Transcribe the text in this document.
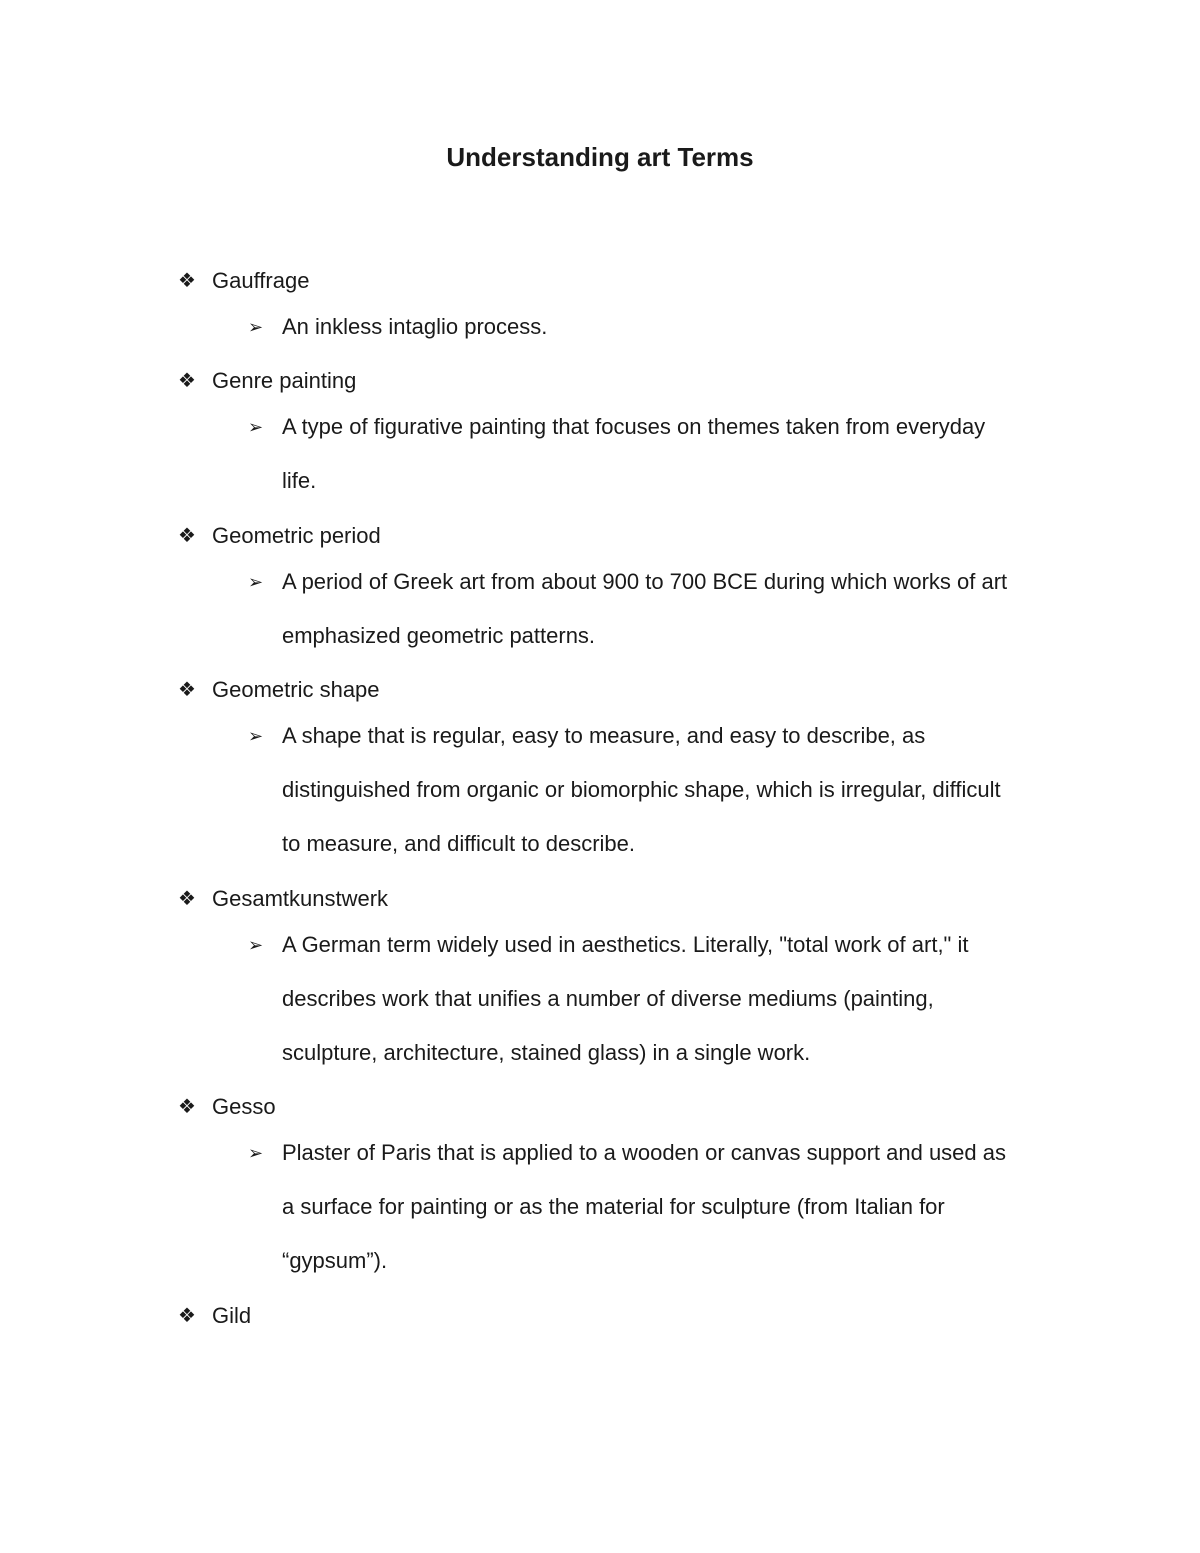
Understanding art Terms
❖ Gauffrage
➢ An inkless intaglio process.
❖ Genre painting
➢ A type of figurative painting that focuses on themes taken from everyday
life.
❖ Geometric period
➢ A period of Greek art from about 900 to 700 BCE during which works of art
emphasized geometric patterns.
❖ Geometric shape
➢ A shape that is regular, easy to measure, and easy to describe, as
distinguished from organic or biomorphic shape, which is irregular, difficult
to measure, and difficult to describe.
❖ Gesamtkunstwerk
➢ A German term widely used in aesthetics. Literally, "total work of art," it
describes work that unifies a number of diverse mediums (painting,
sculpture, architecture, stained glass) in a single work.
❖ Gesso
➢ Plaster of Paris that is applied to a wooden or canvas support and used as
a surface for painting or as the material for sculpture (from Italian for
“gypsum”).
❖ Gild
